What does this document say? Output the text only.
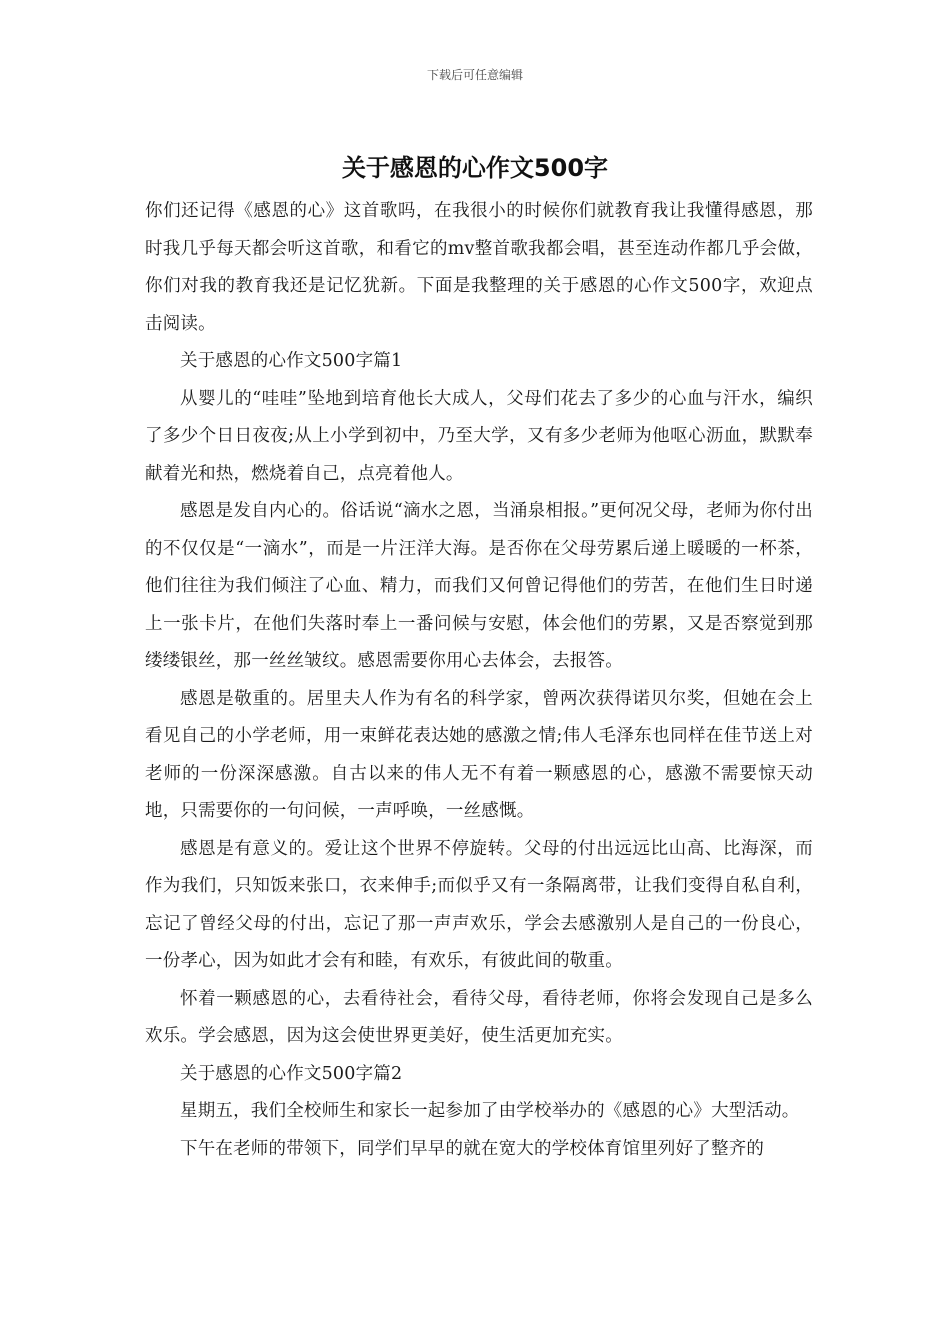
下载后可任意编辑
关于感恩的心作文500字

你们还记得《感恩的心》这首歌吗，在我很小的时候你们就教育我让我懂得感恩，那时我几乎每天都会听这首歌，和看它的mv整首歌我都会唱，甚至连动作都几乎会做，你们对我的教育我还是记忆犹新。下面是我整理的关于感恩的心作文500字，欢迎点击阅读。

关于感恩的心作文500字篇1

从婴儿的“哇哇”坠地到培育他长大成人，父母们花去了多少的心血与汗水，编织了多少个日日夜夜;从上小学到初中，乃至大学，又有多少老师为他呕心沥血，默默奉献着光和热，燃烧着自己，点亮着他人。

感恩是发自内心的。俗话说“滴水之恩，当涌泉相报。”更何况父母，老师为你付出的不仅仅是“一滴水”，而是一片汪洋大海。是否你在父母劳累后递上暖暖的一杯茶，他们往往为我们倾注了心血、精力，而我们又何曾记得他们的劳苦，在他们生日时递上一张卡片，在他们失落时奉上一番问候与安慰，体会他们的劳累，又是否察觉到那缕缕银丝，那一丝丝皱纹。感恩需要你用心去体会，去报答。

感恩是敬重的。居里夫人作为有名的科学家，曾两次获得诺贝尔奖，但她在会上看见自己的小学老师，用一束鲜花表达她的感激之情;伟人毛泽东也同样在佳节送上对老师的一份深深感激。自古以来的伟人无不有着一颗感恩的心，感激不需要惊天动地，只需要你的一句问候，一声呼唤，一丝感慨。

感恩是有意义的。爱让这个世界不停旋转。父母的付出远远比山高、比海深，而作为我们，只知饭来张口，衣来伸手;而似乎又有一条隔离带，让我们变得自私自利，忘记了曾经父母的付出，忘记了那一声声欢乐，学会去感激别人是自己的一份良心，一份孝心，因为如此才会有和睦，有欢乐，有彼此间的敬重。

怀着一颗感恩的心，去看待社会，看待父母，看待老师，你将会发现自己是多么欢乐。学会感恩，因为这会使世界更美好，使生活更加充实。

关于感恩的心作文500字篇2

星期五，我们全校师生和家长一起参加了由学校举办的《感恩的心》大型活动。

下午在老师的带领下，同学们早早的就在宽大的学校体育馆里列好了整齐的
